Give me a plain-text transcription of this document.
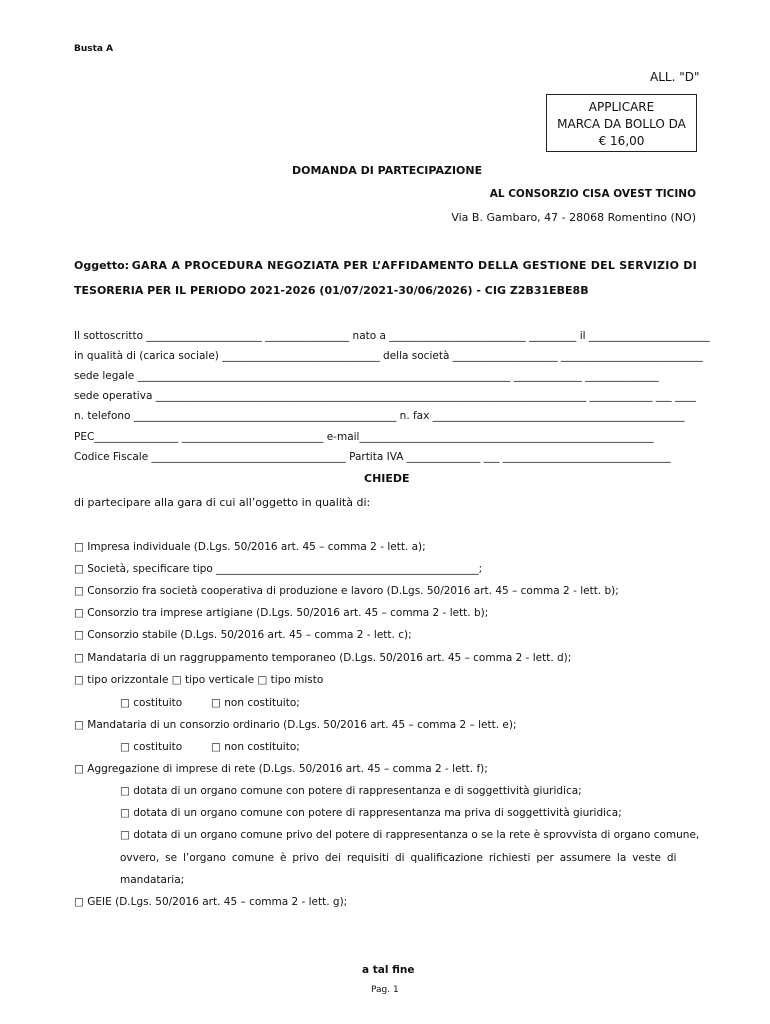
Busta A
ALL. "D"
APPLICARE
MARCA DA BOLLO DA
€ 16,00
DOMANDA DI PARTECIPAZIONE
AL CONSORZIO CISA OVEST TICINO
Via B. Gambaro, 47 - 28068 Romentino (NO)
Oggetto: GARA A PROCEDURA NEGOZIATA PER L’AFFIDAMENTO DELLA GESTIONE DEL SERVIZIO DI
TESORERIA PER IL PERIODO 2021-2026 (01/07/2021-30/06/2026) - CIG Z2B31EBE8B
Il sottoscritto ______________________ ________________ nato a __________________________ _________ il _______________________
in qualità di (carica sociale) ______________________________ della società ____________________ ___________________________
sede legale _______________________________________________________________________ _____________ ______________
sede operativa __________________________________________________________________________________ ____________ ___ ____
n. telefono __________________________________________________ n. fax ________________________________________________
PEC________________ ___________________________ e-mail________________________________________________________
Codice Fiscale _____________________________________ Partita IVA ______________ ___ ________________________________
CHIEDE
di partecipare alla gara di cui all’oggetto in qualità di:
□ Impresa individuale (D.Lgs. 50/2016 art. 45 – comma 2 - lett. a);
□ Società, specificare tipo __________________________________________________;
□ Consorzio fra società cooperativa di produzione e lavoro (D.Lgs. 50/2016 art. 45 – comma 2 - lett. b);
□ Consorzio tra imprese artigiane (D.Lgs. 50/2016 art. 45 – comma 2 - lett. b);
□ Consorzio stabile (D.Lgs. 50/2016 art. 45 – comma 2 - lett. c);
□ Mandataria di un raggruppamento temporaneo (D.Lgs. 50/2016 art. 45 – comma 2 - lett. d);
□ tipo orizzontale □ tipo verticale □ tipo misto
□ costituito	□ non costituito;
□ Mandataria di un consorzio ordinario (D.Lgs. 50/2016 art. 45 – comma 2 – lett. e);
□ costituito	□ non costituito;
□ Aggregazione di imprese di rete (D.Lgs. 50/2016 art. 45 – comma 2 - lett. f);
□ dotata di un organo comune con potere di rappresentanza e di soggettività giuridica;
□ dotata di un organo comune con potere di rappresentanza ma priva di soggettività giuridica;
□ dotata di un organo comune privo del potere di rappresentanza o se la rete è sprovvista di organo comune,
ovvero, se l’organo comune è privo dei requisiti di qualificazione richiesti per assumere la veste di
mandataria;
□ GEIE (D.Lgs. 50/2016 art. 45 – comma 2 - lett. g);
a tal fine
Pag. 1
